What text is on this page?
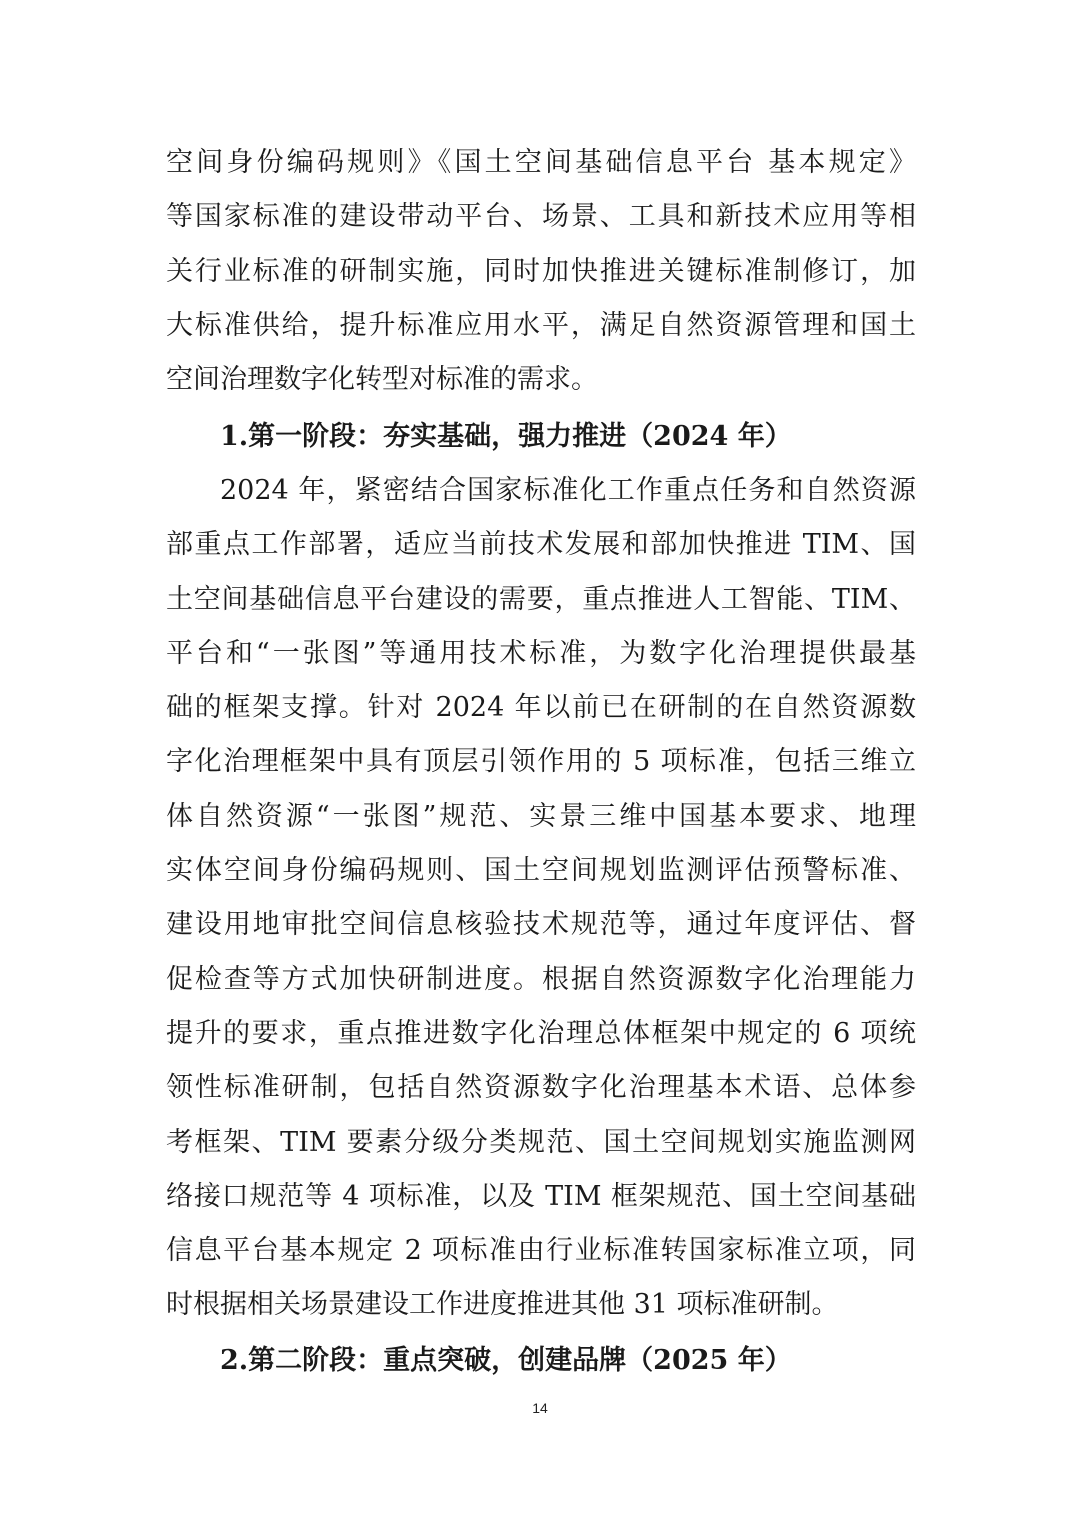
空间身份编码规则》《国土空间基础信息平台 基本规定》
等国家标准的建设带动平台、场景、工具和新技术应用等相
关行业标准的研制实施，同时加快推进关键标准制修订，加
大标准供给，提升标准应用水平，满足自然资源管理和国土
空间治理数字化转型对标准的需求。
1.第一阶段：夯实基础，强力推进（2024 年）
2024 年，紧密结合国家标准化工作重点任务和自然资源
部重点工作部署，适应当前技术发展和部加快推进 TIM、国
土空间基础信息平台建设的需要，重点推进人工智能、TIM、
平台和“一张图”等通用技术标准，为数字化治理提供最基
础的框架支撑。针对 2024 年以前已在研制的在自然资源数
字化治理框架中具有顶层引领作用的 5 项标准，包括三维立
体自然资源“一张图”规范、实景三维中国基本要求、地理
实体空间身份编码规则、国土空间规划监测评估预警标准、
建设用地审批空间信息核验技术规范等，通过年度评估、督
促检查等方式加快研制进度。根据自然资源数字化治理能力
提升的要求，重点推进数字化治理总体框架中规定的 6 项统
领性标准研制，包括自然资源数字化治理基本术语、总体参
考框架、TIM 要素分级分类规范、国土空间规划实施监测网
络接口规范等 4 项标准，以及 TIM 框架规范、国土空间基础
信息平台基本规定 2 项标准由行业标准转国家标准立项，同
时根据相关场景建设工作进度推进其他 31 项标准研制。
2.第二阶段：重点突破，创建品牌（2025 年）
14
